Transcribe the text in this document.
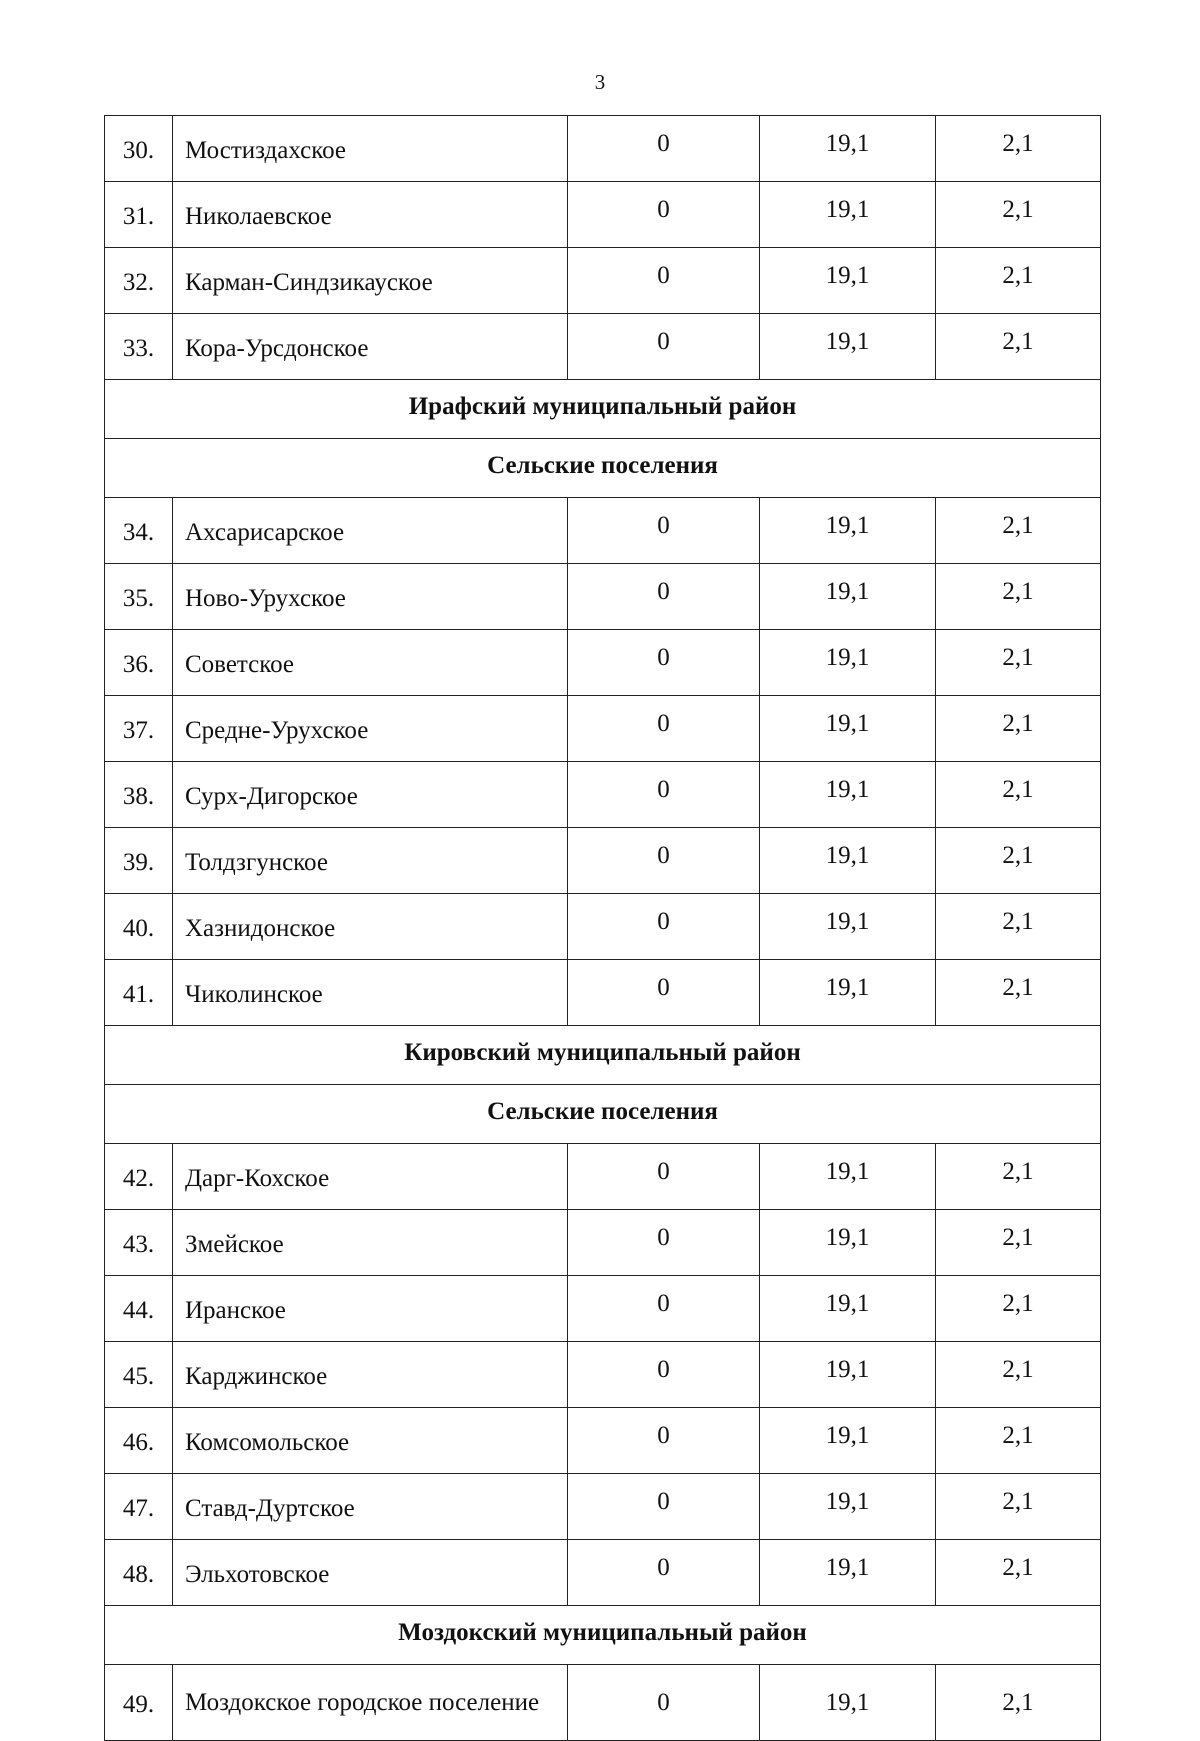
3
30.	Мостиздахское	0	19,1	2,1
31.	Николаевское	0	19,1	2,1
32.	Карман-Синдзикауское	0	19,1	2,1
33.	Кора-Урсдонское	0	19,1	2,1
Ирафский муниципальный район				
Сельские поселения				
34.	Ахсарисарское	0	19,1	2,1
35.	Ново-Урухское	0	19,1	2,1
36.	Советское	0	19,1	2,1
37.	Средне-Урухское	0	19,1	2,1
38.	Сурх-Дигорское	0	19,1	2,1
39.	Толдзгунское	0	19,1	2,1
40.	Хазнидонское	0	19,1	2,1
41.	Чиколинское	0	19,1	2,1
Кировский муниципальный район				
Сельские поселения				
42.	Дарг-Кохское	0	19,1	2,1
43.	Змейское	0	19,1	2,1
44.	Иранское	0	19,1	2,1
45.	Карджинское	0	19,1	2,1
46.	Комсомольское	0	19,1	2,1
47.	Ставд-Дуртское	0	19,1	2,1
48.	Эльхотовское	0	19,1	2,1
Моздокский муниципальный район				
49.	Моздокское городское поселение	0	19,1	2,1
